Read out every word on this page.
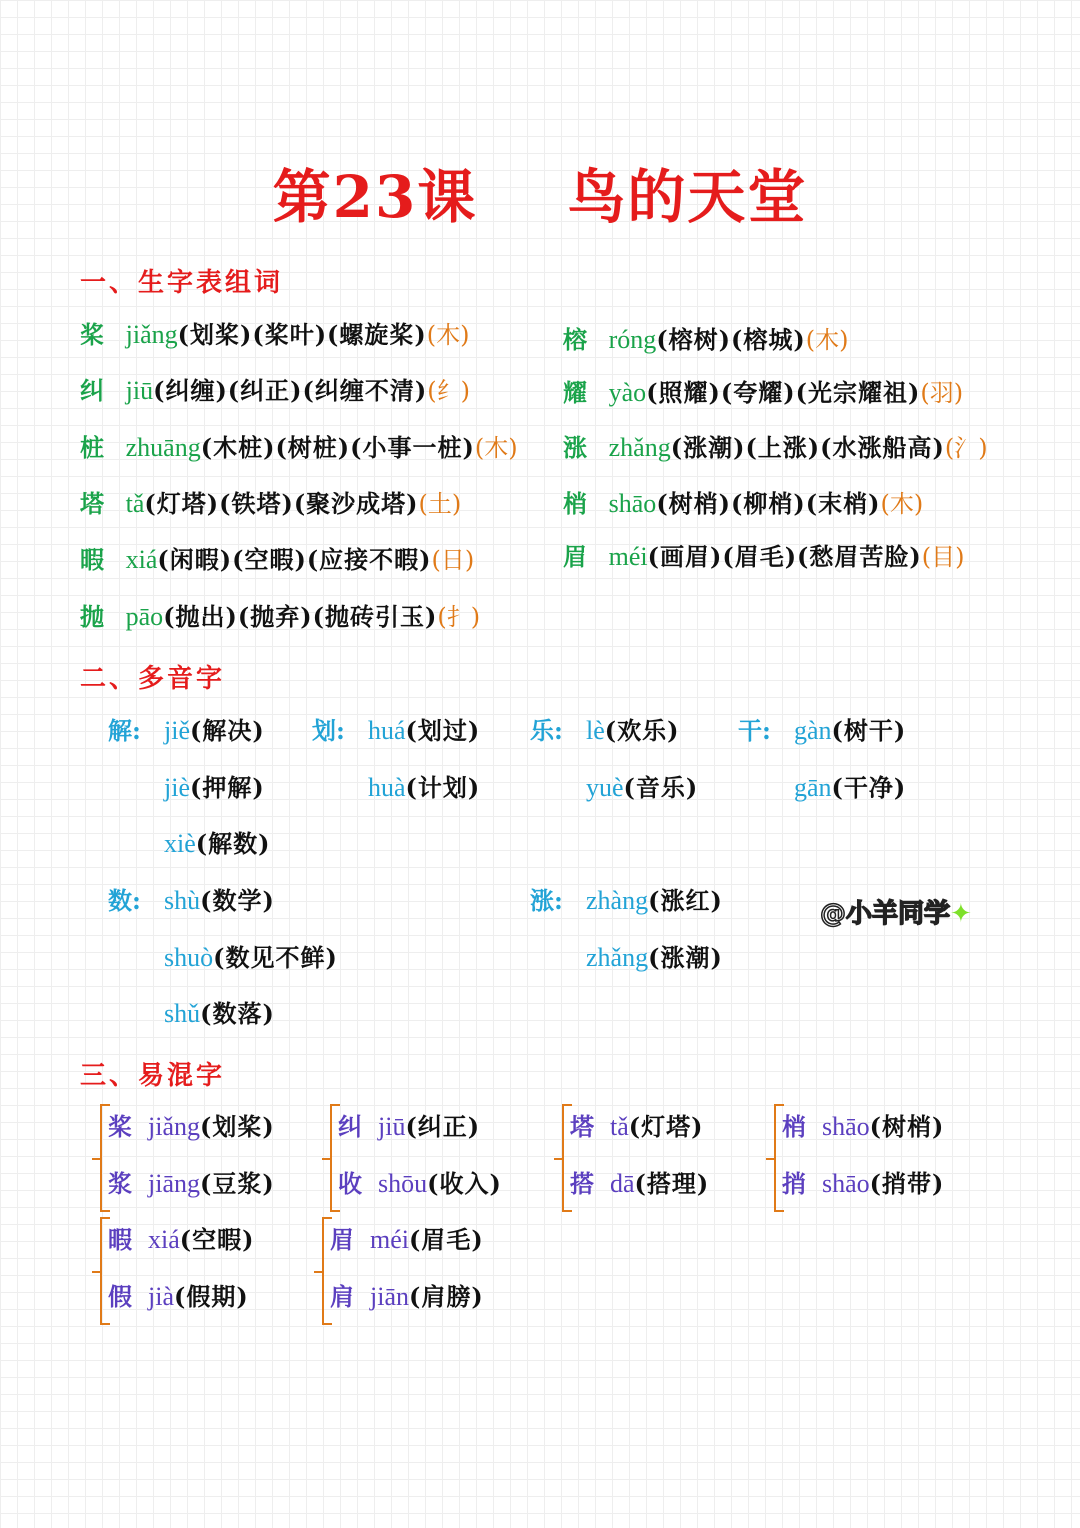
第23课 鸟的天堂
一、生字表组词
桨 jiǎng(划桨)(桨叶)(螺旋桨)(木)
纠 jiū(纠缠)(纠正)(纠缠不清)(纟)
桩 zhuāng(木桩)(树桩)(小事一桩)(木)
塔 tǎ(灯塔)(铁塔)(聚沙成塔)(土)
暇 xiá(闲暇)(空暇)(应接不暇)(日)
抛 pāo(抛出)(抛弃)(抛砖引玉)(扌)
榕 róng(榕树)(榕城)(木)
耀 yào(照耀)(夸耀)(光宗耀祖)(羽)
涨 zhǎng(涨潮)(上涨)(水涨船高)(氵)
梢 shāo(树梢)(柳梢)(末梢)(木)
眉 méi(画眉)(眉毛)(愁眉苦脸)(目)
二、多音字
解: jiě(解决)
jiè(押解)
xiè(解数)
划: huá(划过)
huà(计划)
乐: lè(欢乐)
yuè(音乐)
干: gàn(树干)
gān(干净)
数: shù(数学)
shuò(数见不鲜)
shǔ(数落)
涨: zhàng(涨红)
zhǎng(涨潮)
@小羊同学✦
三、易混字
桨 jiǎng(划桨)
浆 jiāng(豆浆)
纠 jiū(纠正)
收 shōu(收入)
塔 tǎ(灯塔)
搭 dā(搭理)
梢 shāo(树梢)
捎 shāo(捎带)
暇 xiá(空暇)
假 jià(假期)
眉 méi(眉毛)
肩 jiān(肩膀)
